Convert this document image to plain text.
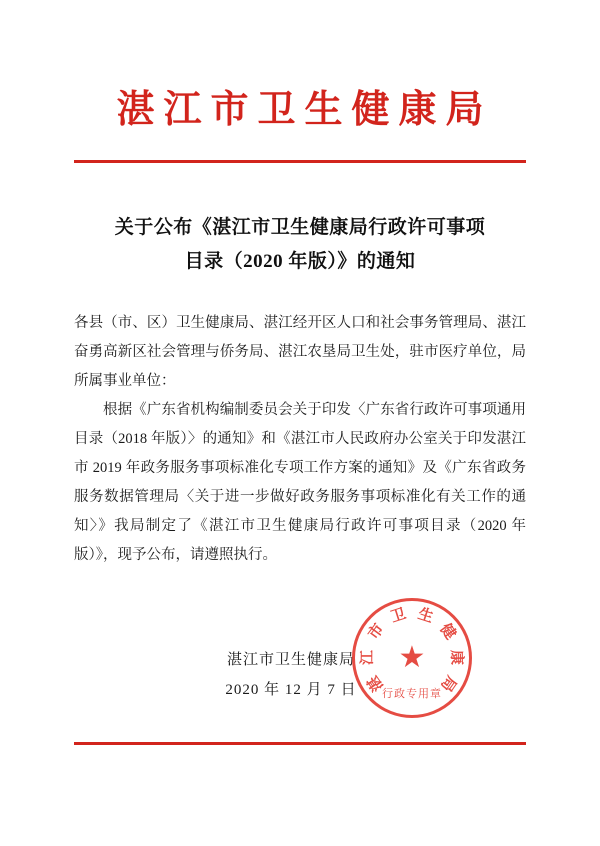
湛江市卫生健康局
关于公布《湛江市卫生健康局行政许可事项
目录（2020 年版）》的通知

各县（市、区）卫生健康局、湛江经开区人口和社会事务管理局、湛江奋勇高新区社会管理与侨务局、湛江农垦局卫生处，驻市医疗单位，局所属事业单位：

根据《广东省机构编制委员会关于印发〈广东省行政许可事项通用目录（2018 年版）〉的通知》和《湛江市人民政府办公室关于印发湛江市 2019 年政务服务事项标准化专项工作方案的通知》及《广东省政务服务数据管理局〈关于进一步做好政务服务事项标准化有关工作的通知〉》我局制定了《湛江市卫生健康局行政许可事项目录（2020 年版）》，现予公布，请遵照执行。

湛江市卫生健康局
2020 年 12 月 7 日
★
湛
江
市
卫 生
健
康
局
行政专用章
